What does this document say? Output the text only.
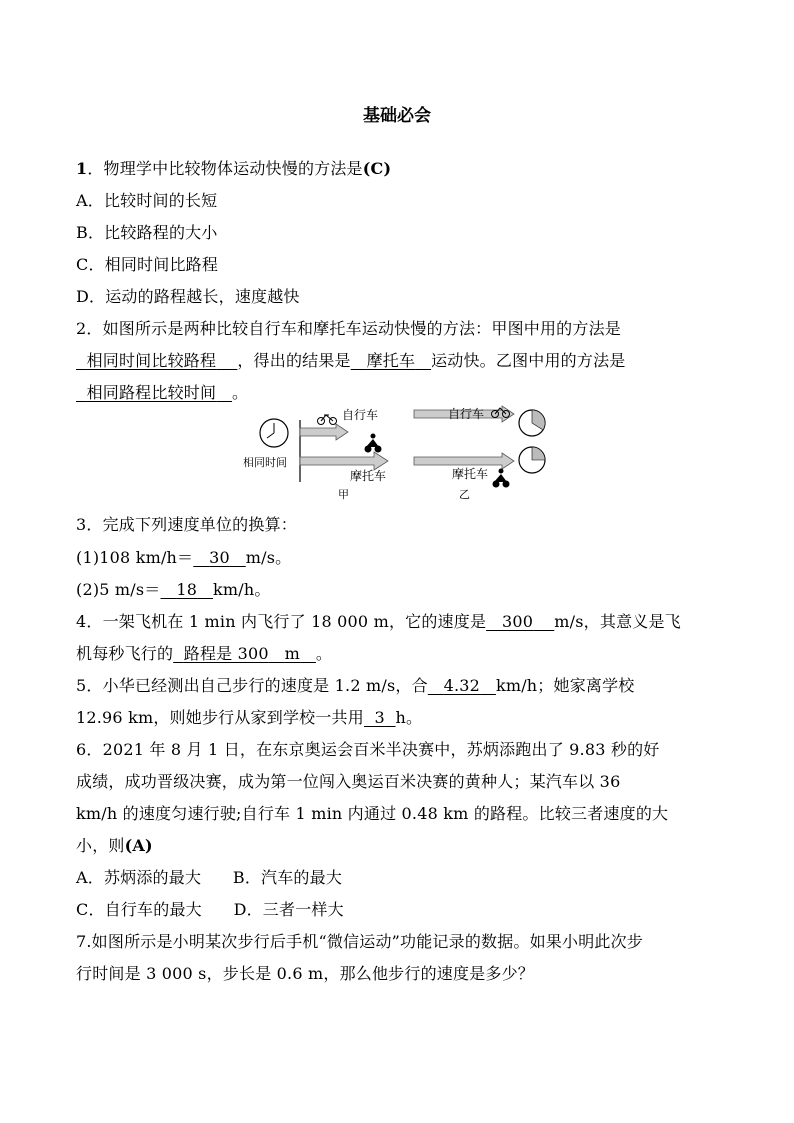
基础必会
1．物理学中比较物体运动快慢的方法是(C)
A．比较时间的长短
B．比较路程的大小
C．相同时间比路程
D．运动的路程越长，速度越快
2．如图所示是两种比较自行车和摩托车运动快慢的方法：甲图中用的方法是
相同时间比较路程 ，得出的结果是 摩托车 运动快。乙图中用的方法是
相同路程比较时间 。
相同时间
自行车
摩托车
甲
自行车
摩托车
乙
3．完成下列速度单位的换算：
(1)108 km/h＝ 30 m/s。
(2)5 m/s＝ 18 km/h。
4．一架飞机在 1 min 内飞行了 18 000 m，它的速度是 300 m/s，其意义是飞
机每秒飞行的 路程是 300 m 。
5．小华已经测出自己步行的速度是 1.2 m/s，合 4.32 km/h；她家离学校
12.96 km，则她步行从家到学校一共用 3 h。
6．2021 年 8 月 1 日，在东京奥运会百米半决赛中，苏炳添跑出了 9.83 秒的好
成绩，成功晋级决赛，成为第一位闯入奥运百米决赛的黄种人；某汽车以 36
km/h 的速度匀速行驶;自行车 1 min 内通过 0.48 km 的路程。比较三者速度的大
小，则(A)
A．苏炳添的最大 B．汽车的最大
C．自行车的最大 D．三者一样大
7.如图所示是小明某次步行后手机“微信运动”功能记录的数据。如果小明此次步
行时间是 3 000 s，步长是 0.6 m，那么他步行的速度是多少？
